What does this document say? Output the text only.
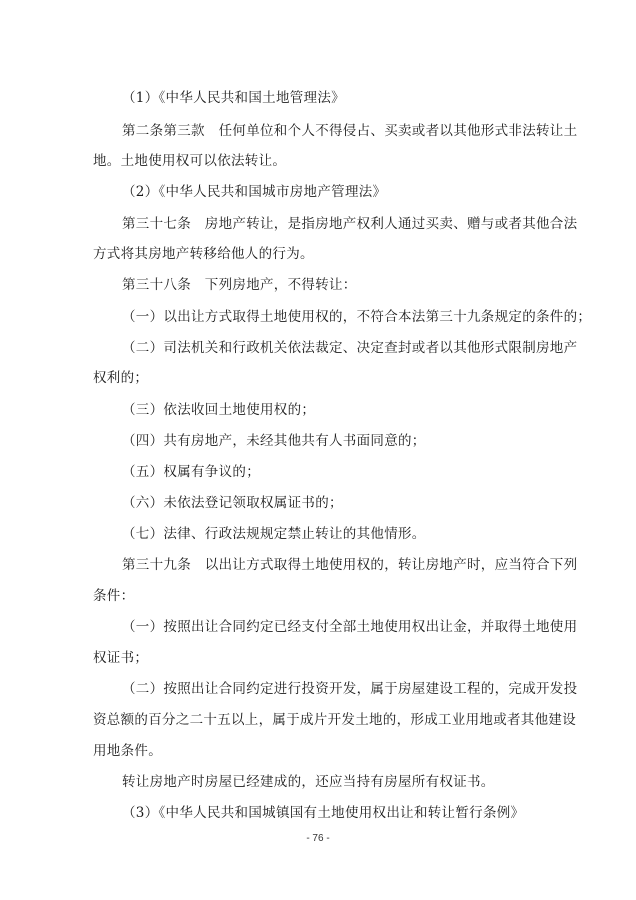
（1）《中华人民共和国土地管理法》
第二条第三款　任何单位和个人不得侵占、买卖或者以其他形式非法转让土
地。土地使用权可以依法转让。
（2）《中华人民共和国城市房地产管理法》
第三十七条　房地产转让，是指房地产权利人通过买卖、赠与或者其他合法
方式将其房地产转移给他人的行为。
第三十八条　下列房地产，不得转让：
（一）以出让方式取得土地使用权的，不符合本法第三十九条规定的条件的；
（二）司法机关和行政机关依法裁定、决定查封或者以其他形式限制房地产
权利的；
（三）依法收回土地使用权的；
（四）共有房地产，未经其他共有人书面同意的；
（五）权属有争议的；
（六）未依法登记领取权属证书的；
（七）法律、行政法规规定禁止转让的其他情形。
第三十九条　以出让方式取得土地使用权的，转让房地产时，应当符合下列
条件：
（一）按照出让合同约定已经支付全部土地使用权出让金，并取得土地使用
权证书；
（二）按照出让合同约定进行投资开发，属于房屋建设工程的，完成开发投
资总额的百分之二十五以上，属于成片开发土地的，形成工业用地或者其他建设
用地条件。
转让房地产时房屋已经建成的，还应当持有房屋所有权证书。
（3）《中华人民共和国城镇国有土地使用权出让和转让暂行条例》
- 76 -
